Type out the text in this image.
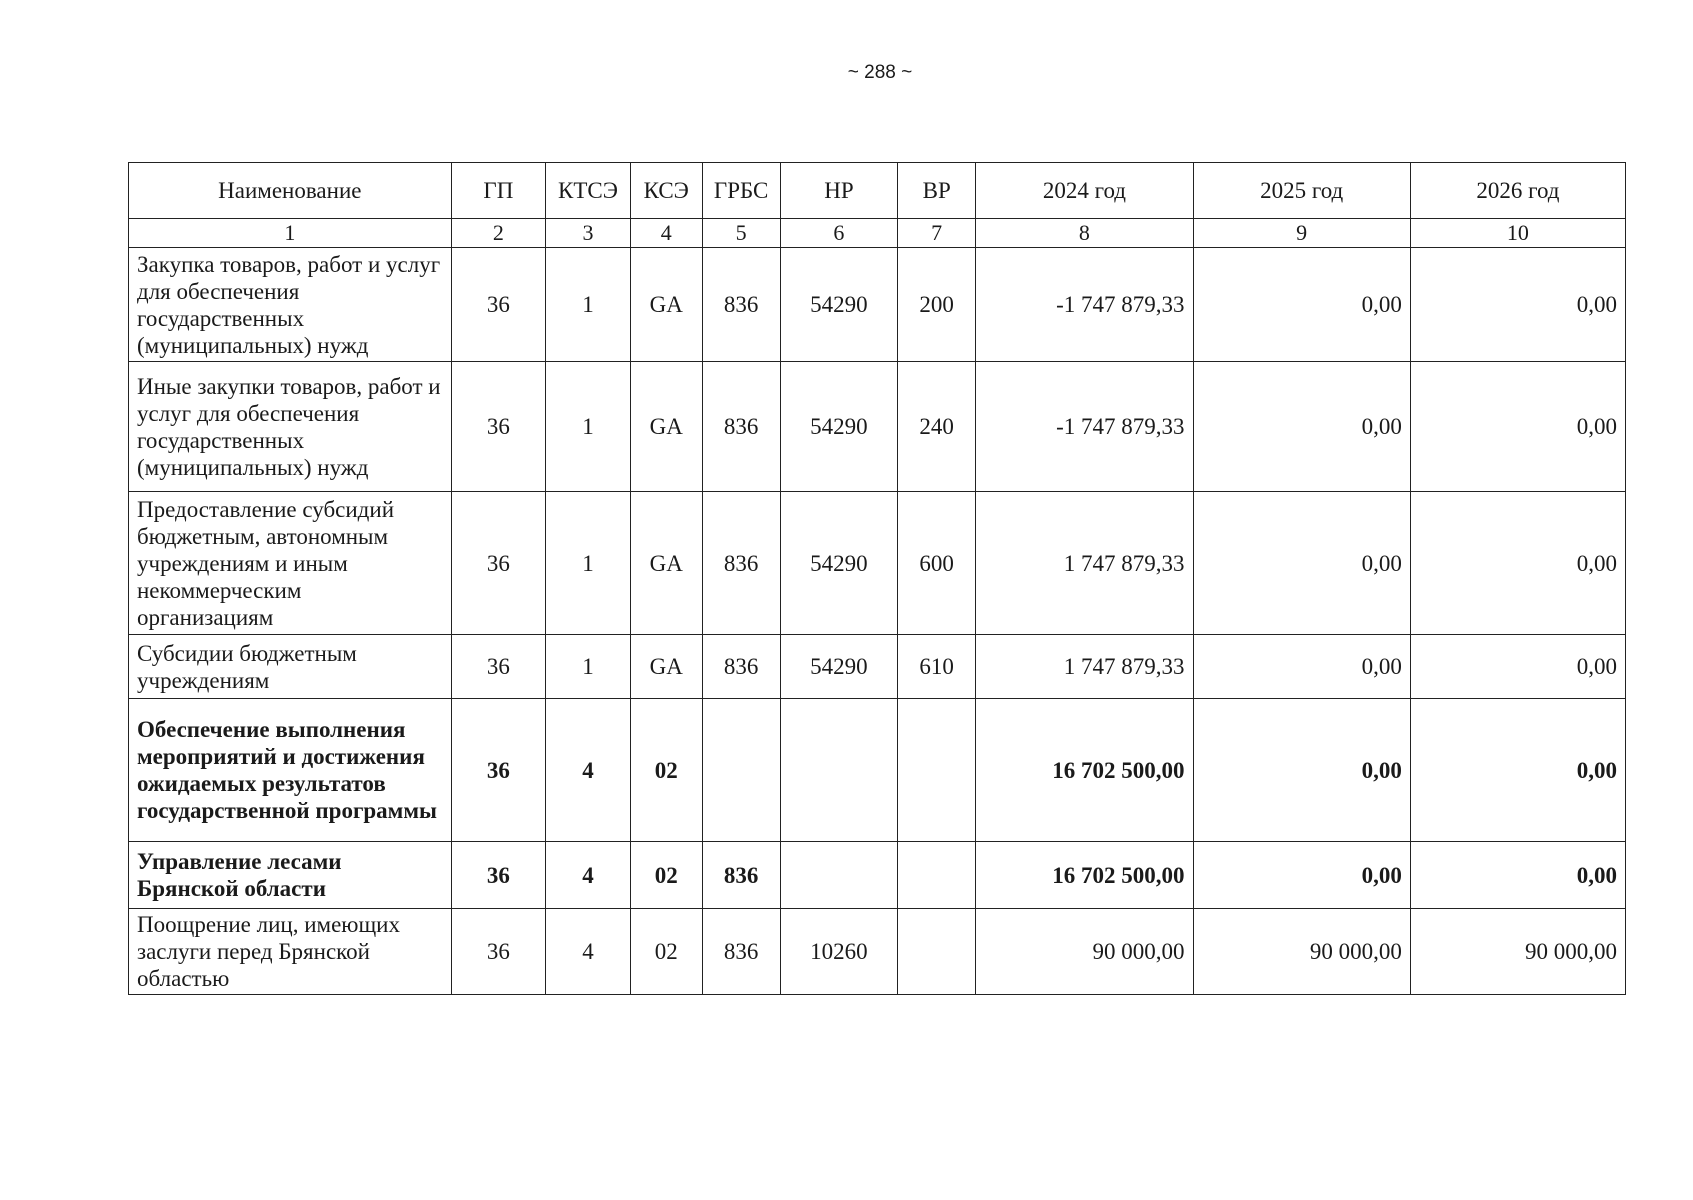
~ 288 ~
Наименование	ГП	КТСЭ	КСЭ	ГРБС	НР	ВР	2024 год	2025 год	2026 год
1	2	3	4	5	6	7	8	9	10
Закупка товаров, работ и услуг для обеспечения государственных (муниципальных) нужд	36	1	GA	836	54290	200	-1 747 879,33	0,00	0,00
Иные закупки товаров, работ и услуг для обеспечения государственных (муниципальных) нужд	36	1	GA	836	54290	240	-1 747 879,33	0,00	0,00
Предоставление субсидий бюджетным, автономным учреждениям и иным некоммерческим организациям	36	1	GA	836	54290	600	1 747 879,33	0,00	0,00
Субсидии бюджетным учреждениям	36	1	GA	836	54290	610	1 747 879,33	0,00	0,00
Обеспечение выполнения мероприятий и достижения ожидаемых результатов государственной программы	36	4	02				16 702 500,00	0,00	0,00
Управление лесами Брянской области	36	4	02	836			16 702 500,00	0,00	0,00
Поощрение лиц, имеющих заслуги перед Брянской областью	36	4	02	836	10260		90 000,00	90 000,00	90 000,00
